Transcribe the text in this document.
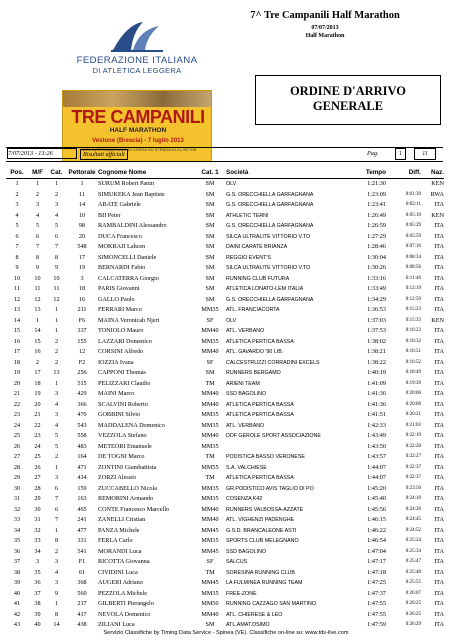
FEDERAZIONE ITALIANA
DI ATLETICA LEGGERA
7^ Tre Campanili Half Marathon
07/07/2013
Half Marathon
TRE CAMPANILI
HALF MARATHON
Vestone (Brescia) - 7 luglio 2013
GARA INTERNAZIONALE DI CORSA SU STRADA DI 21,097 KM
ORDINE D'ARRIVO
GENERALE
7/07/2013 - 13:26	Risultati ufficiali	Pag.	1	11
Pos.	M/F	Cat.	Pettorale	Cognome Nome	Cat. 1	Società	Tempo	Diff.	Naz.
1	1	1	1	SURUM Robert Panin	SM	OLV	1:21:30		KEN
2	2	2	11	SIMUKEKA Jean Baptiste	SM	G.S. ORECCHIELLA GARFAGNANA	1:23:09	0:01:39	RWA
3	3	3	14	ABATE Gabriele	SM	G.S. ORECCHIELLA GARFAGNANA	1:23:41	0:02:11	ITA
4	4	4	10	BII Peter	SM	ATHLETIC TERNI	1:26:49	0:05:19	KEN
5	5	5	98	RAMBALDINI Alessandro	SM	G.S. ORECCHIELLA GARFAGNANA	1:26:59	0:05:29	ITA
6	6	6	20	DUCA Francesco	SM	SILCA ULTRALITE VITTORIO V.TO	1:27:29	0:05:59	ITA
7	7	7	548	MOKRAJI Lahcen	SM	DAINI CARATE BRIANZA	1:28:46	0:07:16	ITA
8	8	8	17	SIMONCELLI Daniele	SM	REGGIO EVENT'S	1:30:04	0:08:34	ITA
9	9	9	19	BERNARDI Fabio	SM	SILCA ULTRALITE VITTORIO V.TO	1:30:26	0:08:56	ITA
10	10	10	3	CALCATERRA Giorgio	SM	RUNNING CLUB FUTURA	1:33:16	0:11:46	ITA
11	11	11	18	PARIS Giovanni	SM	ATLETICA LONATO-LEM ITALIA	1:33:49	0:12:19	ITA
12	12	12	16	GALLO Paolo	SM	G.S. ORECCHIELLA GARFAGNANA	1:34:29	0:12:59	ITA
13	13	1	211	FERRARI Marco	MM35	ATL. FRANCIACORTA	1:36:53	0:15:23	ITA
14	1	1	F6	MAINA Veronicah Njeri	SF	OLV	1:37:03	0:15:33	KEN
15	14	1	337	TONIOLO Mauro	MM40	ATL. VERBANO	1:37:53	0:16:23	ITA
16	15	2	155	LAZZARI Domenico	MM35	ATLETICA PERTICA BASSA	1:38:02	0:16:32	ITA
17	16	2	12	CORSINI Alfredo	MM40	ATL. GAVARDO '90 LIB.	1:38:21	0:16:51	ITA
18	2	2	F2	IOZZIA Ivana	SF	CALCESTRUZZI CORRADINI EXCELS	1:38:22	0:16:52	ITA
19	17	13	256	CAPPONI Thomas	SM	RUNNERS BERGAMO	1:40:19	0:18:49	ITA
20	18	1	515	PELIZZARI Claudio	TM	ARIENI TEAM	1:41:09	0:19:39	ITA
21	19	3	429	MAINI Marco	MM40	SSD BAGOLINO	1:41:36	0:20:06	ITA
22	20	4	366	SCALVINI Roberto	MM40	ATLETICA PERTICA BASSA	1:41:36	0:20:06	ITA
23	21	3	470	GOBBINI Silvio	MM35	ATLETICA PERTICA BASSA	1:41:51	0:20:21	ITA
24	22	4	543	MADDALENA Domenico	MM35	ATL. VERBANO	1:42:33	0:21:03	ITA
25	23	5	558	VEZZOLA Stefano	MM40	DDF GEROLE SPORT ASSOCIAZIONE	1:43:49	0:22:19	ITA
26	24	5	483	METEORI Emanuele	MM35		1:43:50	0:22:20	ITA
27	25	2	164	DE TOGNI Marco	TM	PODISTICA BASSO VERONESE	1:43:57	0:22:27	ITA
28	26	1	471	ZONTINI Giambattista	MM55	S.A. VALCHIESE	1:44:07	0:22:37	ITA
29	27	3	434	ZORZI Alessio	TM	ATLETICA PERTICA BASSA	1:44:07	0:22:37	ITA
30	28	6	159	ZUCCABELLO Nicola	MM35	GR.PODISTICO AVIS TAGLIO DI PO	1:45:20	0:23:50	ITA
31	29	7	163	REMORINI Armando	MM35	COSENZA K42	1:45:40	0:24:10	ITA
32	30	6	465	CONTE Francesco Marcello	MM40	RUNNERS VALBOSSA-AZZATE	1:45:56	0:24:26	ITA
33	31	7	241	ZANELLI Cristian	MM40	ATL. VIGHENZI PADENGHE	1:46:15	0:24:45	ITA
34	32	1	477	PANZA Michele	MM45	G.S.D. BRANCALEONE ASTI	1:46:22	0:24:52	ITA
35	33	8	331	FERLA Carlo	MM35	SPORTS CLUB MELEGNANO	1:46:54	0:25:24	ITA
36	34	2	541	MORANDI Luca	MM45	SSD BAGOLINO	1:47:04	0:25:34	ITA
37	3	3	F1	RICOTTA Giovanna	SF	SALCUS	1:47:17	0:25:47	ITA
38	35	4	61	CIVIDINI Luca	TM	SORESINA RUNNING CLUB	1:47:18	0:25:48	ITA
39	36	3	368	AUGERI Adriano	MM45	LA FULMINEA RUNNING TEAM	1:47:25	0:25:55	ITA
40	37	9	560	PEZZOLA Michele	MM35	FREE-ZONE	1:47:37	0:26:07	ITA
41	38	1	217	GILBERTI Pierangelo	MM50	RUNNING CAZZAGO SAN MARTINO	1:47:55	0:26:25	ITA
42	39	8	417	NEVOLA Domenico	MM40	ATL. CHIERESE & LEO	1:47:55	0:26:25	ITA
43	40	14	438	ZILIANI Luca	SM	ATL.AMAT.OSIMO	1:47:59	0:26:29	ITA
Servizio Classifiche by Timing Data Service - Spinea (VE). Classifiche on-line su: www.tds-live.com
